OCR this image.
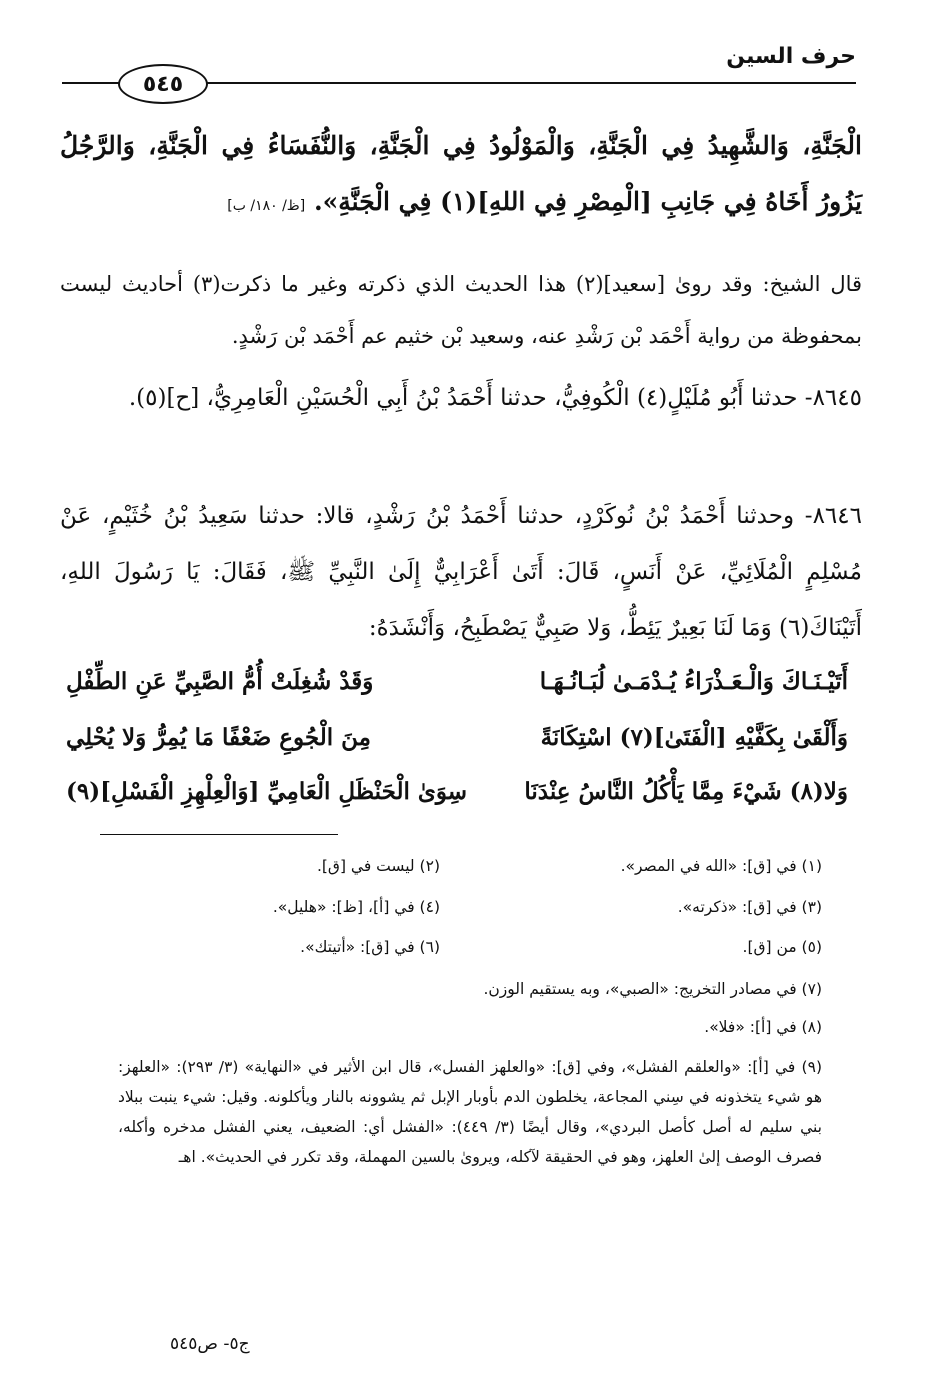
حرف السين
٥٤٥
الْجَنَّةِ، وَالشَّهِيدُ فِي الْجَنَّةِ، وَالْمَوْلُودُ فِي الْجَنَّةِ، وَالنُّفَسَاءُ فِي الْجَنَّةِ، وَالرَّجُلُ يَزُورُ أَخَاهُ فِي جَانِبِ [الْمِصْرِ فِي اللهِ](١) فِي الْجَنَّةِ». [ظ/ ١٨٠/ ب]
قال الشيخ: وقد روىٰ [سعيد](٢) هذا الحديث الذي ذكرته وغير ما ذكرت(٣) أحاديث ليست بمحفوظة من رواية أَحْمَد بْن رَشْدِ عنه، وسعيد بْن خثيم عم أَحْمَد بْن رَشْدٍ.
٨٦٤٥- حدثنا أَبُو مُلَيْلٍ(٤) الْكُوفِيُّ، حدثنا أَحْمَدُ بْنُ أَبِي الْحُسَيْنِ الْعَامِرِيُّ، [ح](٥).
٨٦٤٦- وحدثنا أَحْمَدُ بْنُ نُوكَرْدٍ، حدثنا أَحْمَدُ بْنُ رَشْدٍ، قالا: حدثنا سَعِيدُ بْنُ خُثَيْمٍ، عَنْ مُسْلِمٍ الْمُلَائِيِّ، عَنْ أَنَسٍ، قَالَ: أَتَىٰ أَعْرَابِيٌّ إِلَىٰ النَّبِيِّ ﷺ، فَقَالَ: يَا رَسُولَ اللهِ، أَتَيْنَاكَ(٦) وَمَا لَنَا بَعِيرٌ يَئِطُّ، وَلا صَبِيٌّ يَصْطَبِحُ، وَأَنْشَدَهُ:
أَتَيْـنَـاكَ وَالْـعَـذْرَاءُ يُـدْمَـىٰ لُبَـانُـهَـا
وَقَدْ شُغِلَتْ أُمُّ الصَّبِيِّ عَنِ الطِّفْلِ
وَأَلْقَىٰ بِكَفَّيْهِ [الْفَتَىٰ](٧) اسْتِكَانَةً
مِنَ الْجُوعِ ضَعْفًا مَا يُمِرُّ وَلا يُحْلِي
وَلا(٨) شَيْءَ مِمَّا يَأْكُلُ النَّاسُ عِنْدَنَا
سِوَىٰ الْحَنْظَلِ الْعَامِيِّ [وَالْعِلْهِزِ الْفَسْلِ](٩)
(١) في [ق]: «الله في المصر».
(٢) ليست في [ق].
(٣) في [ق]: «ذكرته».
(٤) في [أ]، [ظ]: «هليل».
(٥) من [ق].
(٦) في [ق]: «أتيتك».
(٧) في مصادر التخريج: «الصبي»، وبه يستقيم الوزن.
(٨) في [أ]: «فلا».
(٩) في [أ]: «والعلقم الفشل»، وفي [ق]: «والعلهز الفسل»، قال ابن الأثير في «النهاية» (٣/ ٢٩٣): «العلهز: هو شيء يتخذونه في سِني المجاعة، يخلطون الدم بأوبار الإبل ثم يشوونه بالنار ويأكلونه. وقيل: شيء ينبت ببلاد بني سليم له أصل كأصل البردي»، وقال أيضًا (٣/ ٤٤٩): «الفشل أي: الضعيف، يعني الفشل مدخره وأكله، فصرف الوصف إلىٰ العلهز، وهو في الحقيقة لآكله، ويروىٰ بالسين المهملة، وقد تكرر في الحديث». اهـ
ج٥- ص٥٤٥
